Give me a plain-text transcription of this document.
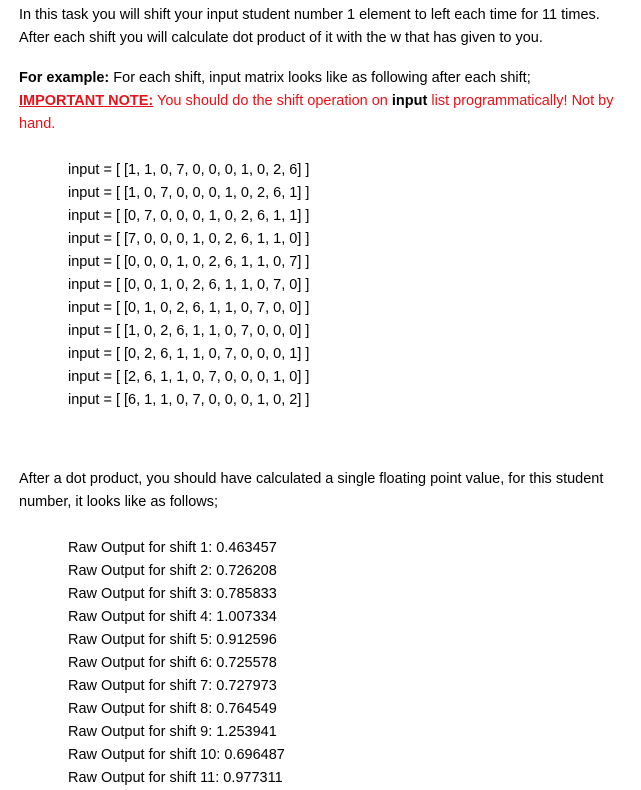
In this task you will shift your input student number 1 element to left each time for 11 times.

After each shift you will calculate dot product of it with the w that has given to you.

For example: For each shift, input matrix looks like as following after each shift;

IMPORTANT NOTE: You should do the shift operation on input list programmatically! Not by
hand.

input = [ [1, 1, 0, 7, 0, 0, 0, 1, 0, 2, 6] ]
input = [ [1, 0, 7, 0, 0, 0, 1, 0, 2, 6, 1] ]
input = [ [0, 7, 0, 0, 0, 1, 0, 2, 6, 1, 1] ]
input = [ [7, 0, 0, 0, 1, 0, 2, 6, 1, 1, 0] ]
input = [ [0, 0, 0, 1, 0, 2, 6, 1, 1, 0, 7] ]
input = [ [0, 0, 1, 0, 2, 6, 1, 1, 0, 7, 0] ]
input = [ [0, 1, 0, 2, 6, 1, 1, 0, 7, 0, 0] ]
input = [ [1, 0, 2, 6, 1, 1, 0, 7, 0, 0, 0] ]
input = [ [0, 2, 6, 1, 1, 0, 7, 0, 0, 0, 1] ]
input = [ [2, 6, 1, 1, 0, 7, 0, 0, 0, 1, 0] ]
input = [ [6, 1, 1, 0, 7, 0, 0, 0, 1, 0, 2] ]

After a dot product, you should have calculated a single floating point value, for this student

number, it looks like as follows;

Raw Output for shift 1: 0.463457
Raw Output for shift 2: 0.726208
Raw Output for shift 3: 0.785833
Raw Output for shift 4: 1.007334
Raw Output for shift 5: 0.912596
Raw Output for shift 6: 0.725578
Raw Output for shift 7: 0.727973
Raw Output for shift 8: 0.764549
Raw Output for shift 9: 1.253941
Raw Output for shift 10: 0.696487
Raw Output for shift 11: 0.977311
